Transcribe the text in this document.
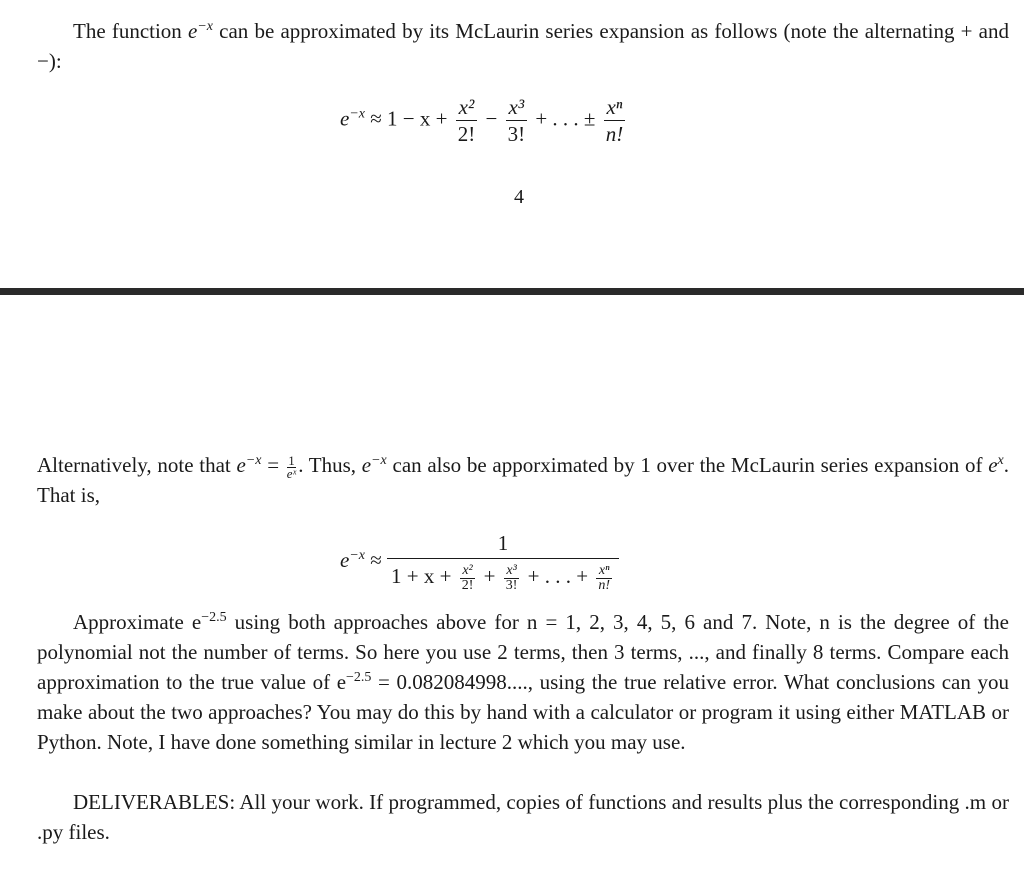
The function $e^{-x}$ can be approximated by its McLaurin series expansion as follows (note the alternating + and −):
$e^{-x} \approx 1 - x + \frac{\text{x²}}{2!} - \frac{\text{x³}}{3!}$ + . . . ± $\frac{\text{xⁿ}}{n!}$
4
Alternatively, note that $e^{-x} = \frac{1}{\text{eˣ}}$ . Thus, $e^{-x}$ can also be apporximated by 1 over the McLaurin series expansion of $e^x$. That is,
$e^{-x}$ ≈
1
$1 + x + \frac{\text{x²}}{2!} + \frac{\text{x³}}{3!}$ + . . . + $\frac{\text{xⁿ}}{n!}$
Approximate $e^{-2.5}$ using both approaches above for n = 1, 2, 3, 4, 5, 6 and 7. Note, n is the degree of the polynomial not the number of terms. So here you use 2 terms, then 3 terms, ..., and finally 8 terms. Compare each approximation to the true value of $e^{-2.5} = 0.082084998$...., using the true relative error. What conclusions can you make about the two approaches? You may do this by hand with a calculator or program it using either MATLAB or Python. Note, I have done something similar in lecture 2 which you may use.
DELIVERABLES: All your work. If programmed, copies of functions and results plus the corresponding .m or .py files.
